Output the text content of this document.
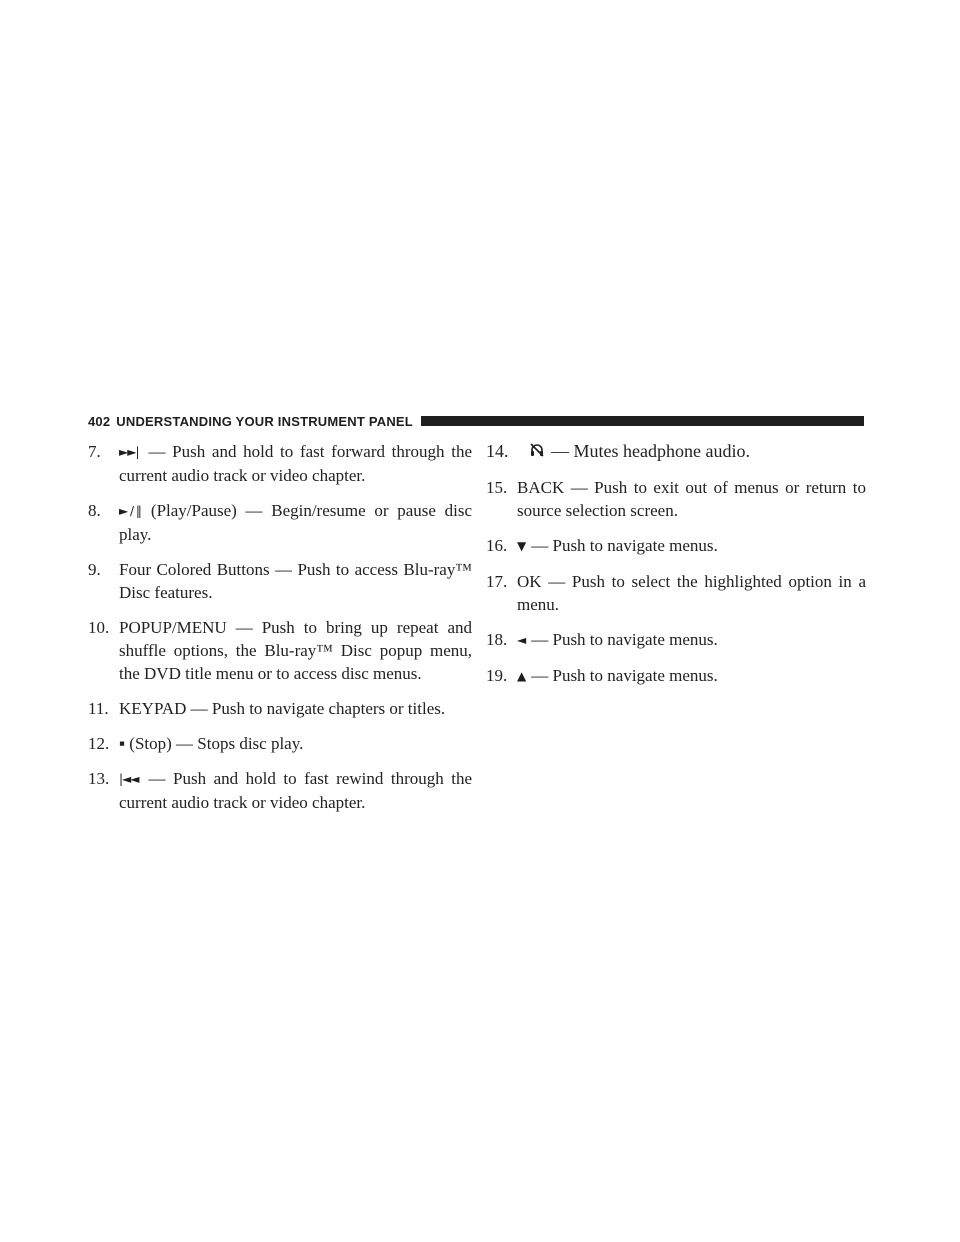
402 UNDERSTANDING YOUR INSTRUMENT PANEL
7. ►►| — Push and hold to fast forward through the current audio track or video chapter.
8. ► / ‖ (Play/Pause) — Begin/resume or pause disc play.
9. Four Colored Buttons — Push to access Blu-ray™ Disc features.
10. POPUP/MENU — Push to bring up repeat and shuffle options, the Blu-ray™ Disc popup menu, the DVD title menu or to access disc menus.
11. KEYPAD — Push to navigate chapters or titles.
12. ▪ (Stop) — Stops disc play.
13. |◄◄ — Push and hold to fast rewind through the current audio track or video chapter.
14. — Mutes headphone audio.
15. BACK — Push to exit out of menus or return to source selection screen.
16. ▼ — Push to navigate menus.
17. OK — Push to select the highlighted option in a menu.
18. ◄ — Push to navigate menus.
19. ▲ — Push to navigate menus.
